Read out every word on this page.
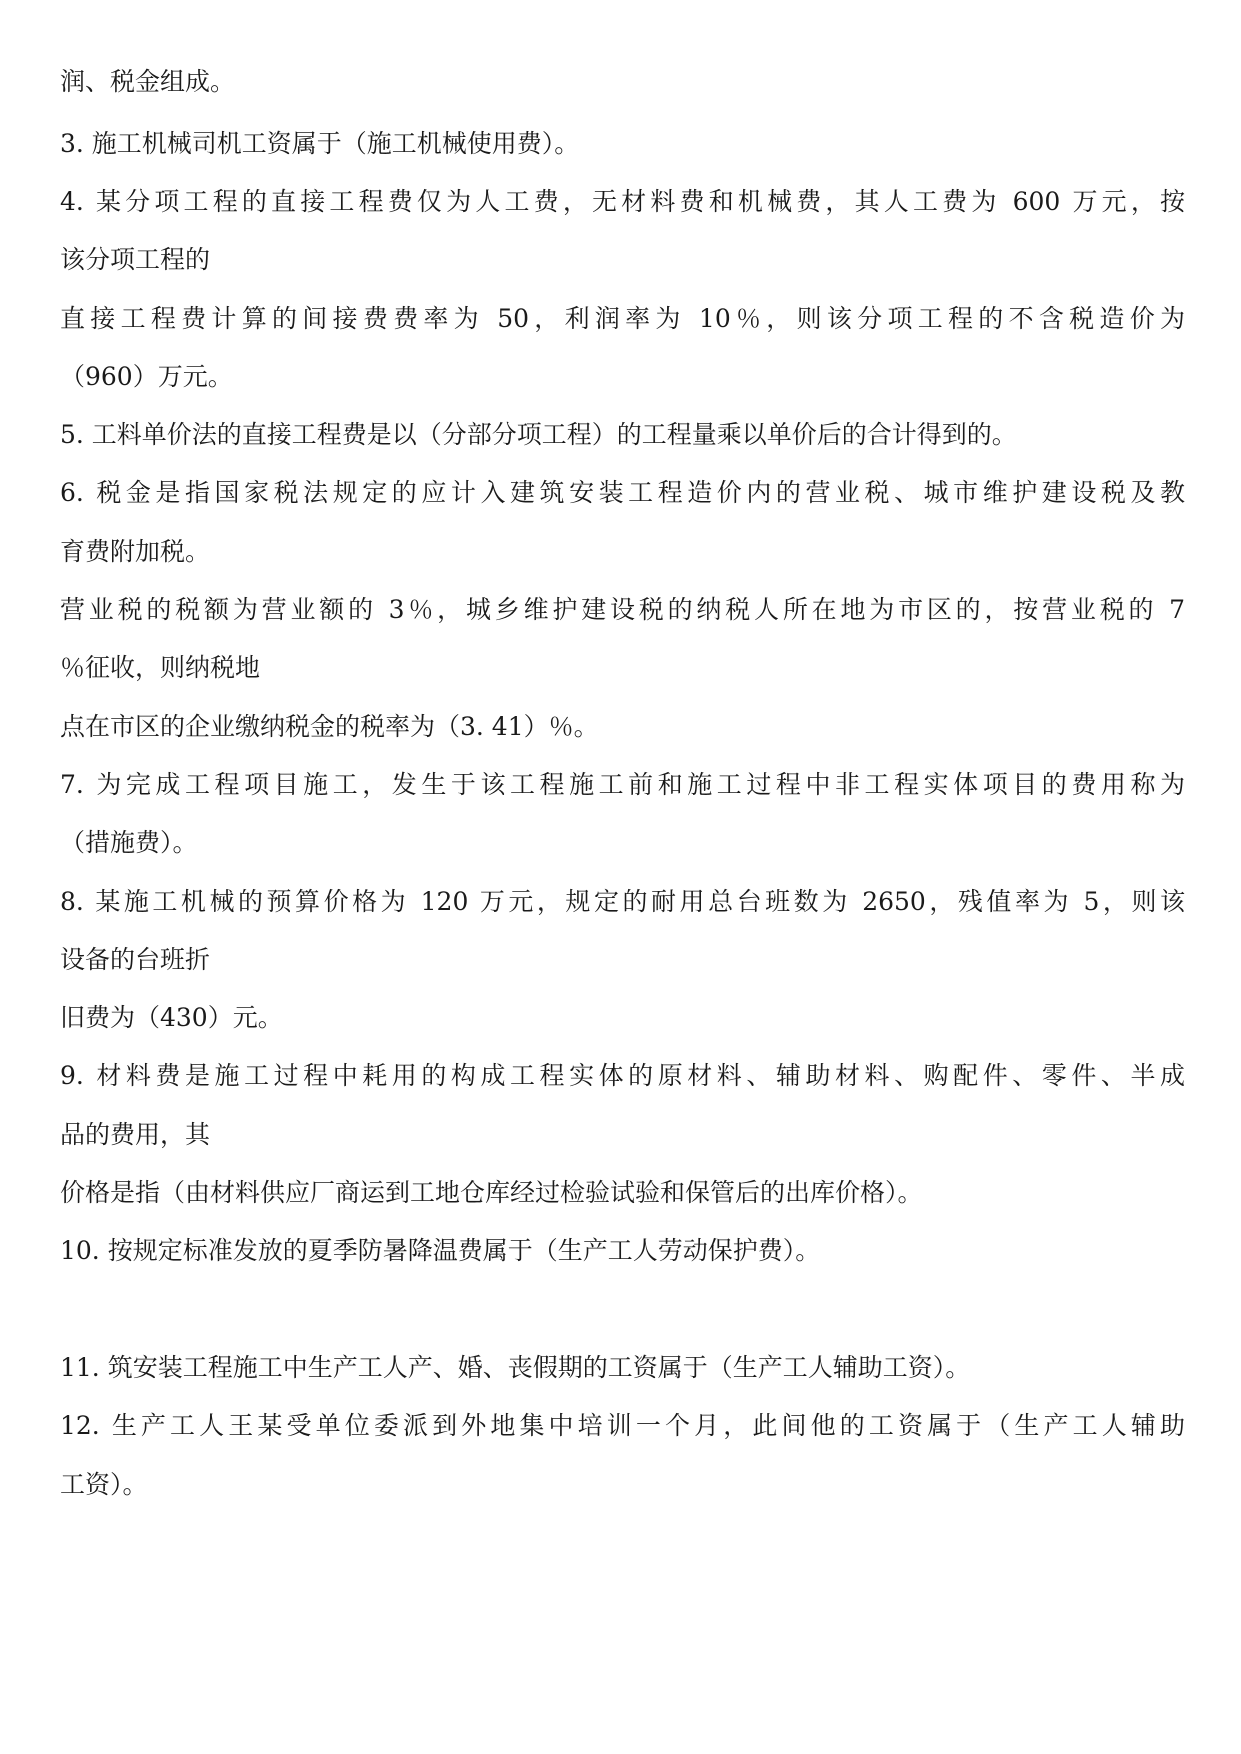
润、税金组成。
3. 施工机械司机工资属于（施工机械使用费）。
4. 某分项工程的直接工程费仅为人工费，无材料费和机械费，其人工费为 600 万元，按
该分项工程的
直接工程费计算的间接费费率为 50，利润率为 10％，则该分项工程的不含税造价为
（960）万元。
5. 工料单价法的直接工程费是以（分部分项工程）的工程量乘以单价后的合计得到的。
6. 税金是指国家税法规定的应计入建筑安装工程造价内的营业税、城市维护建设税及教
育费附加税。
营业税的税额为营业额的 3％，城乡维护建设税的纳税人所在地为市区的，按营业税的 7
％征收，则纳税地
点在市区的企业缴纳税金的税率为（3. 41）％。
7. 为完成工程项目施工，发生于该工程施工前和施工过程中非工程实体项目的费用称为
（措施费）。
8. 某施工机械的预算价格为 120 万元，规定的耐用总台班数为 2650，残值率为 5，则该
设备的台班折
旧费为（430）元。
9. 材料费是施工过程中耗用的构成工程实体的原材料、辅助材料、购配件、零件、半成
品的费用，其
价格是指（由材料供应厂商运到工地仓库经过检验试验和保管后的出库价格）。
10. 按规定标准发放的夏季防暑降温费属于（生产工人劳动保护费）。
11. 筑安装工程施工中生产工人产、婚、丧假期的工资属于（生产工人辅助工资）。
12. 生产工人王某受单位委派到外地集中培训一个月，此间他的工资属于（生产工人辅助
工资）。
